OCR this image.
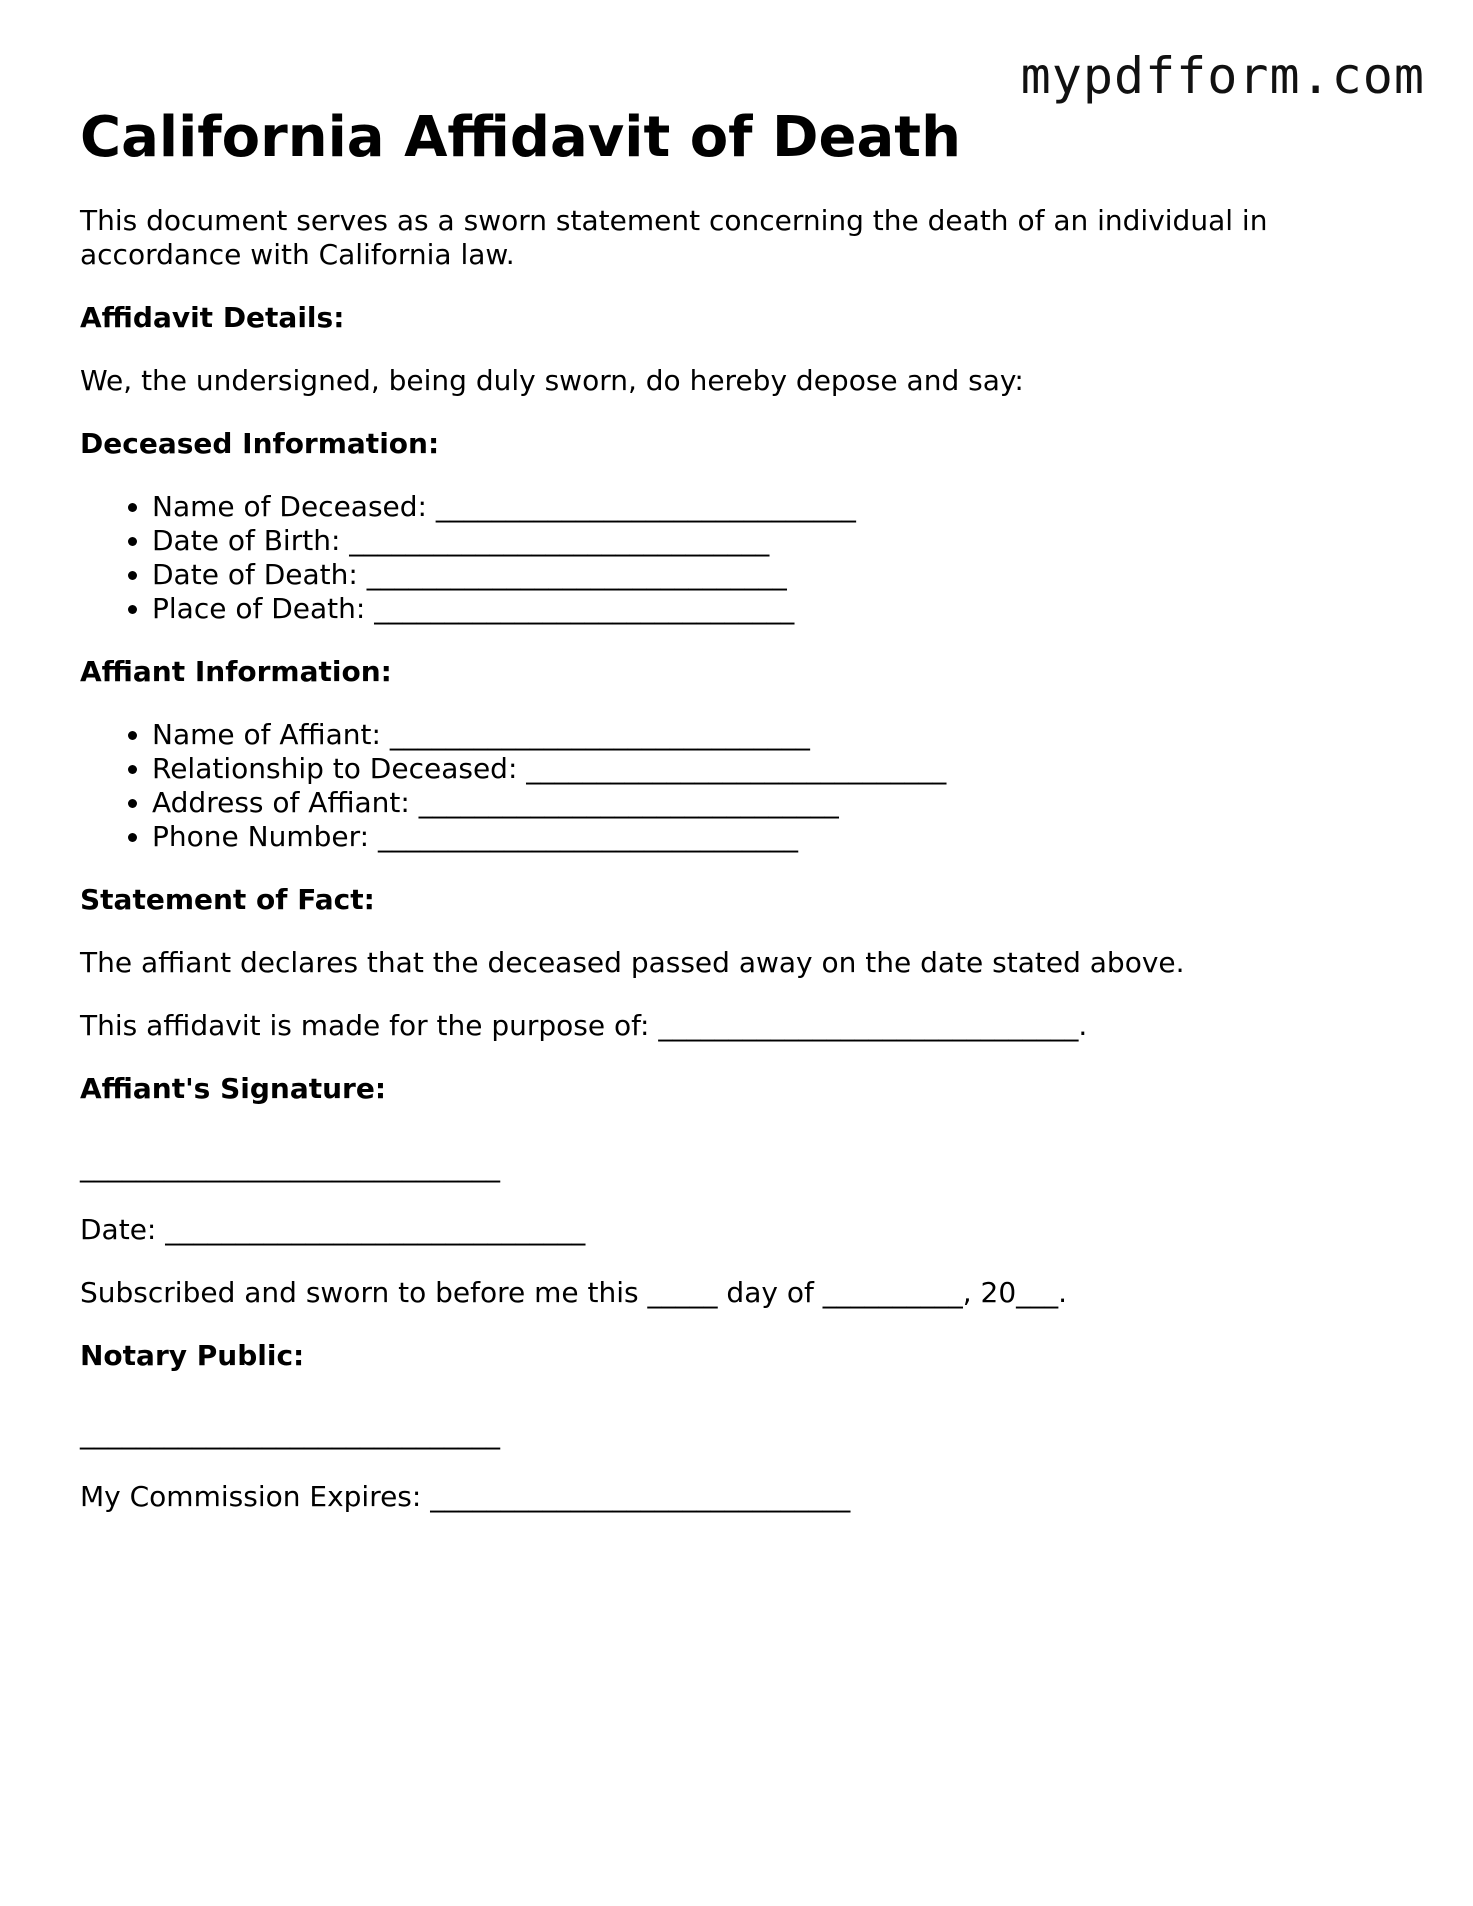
mypdfform.com
California Affidavit of Death

This document serves as a sworn statement concerning the death of an individual in accordance with California law.

Affidavit Details:

We, the undersigned, being duly sworn, do hereby depose and say:

Deceased Information:

• Name of Deceased: ______________________________
• Date of Birth: ______________________________
• Date of Death: ______________________________
• Place of Death: ______________________________

Affiant Information:

• Name of Affiant: ______________________________
• Relationship to Deceased: ______________________________
• Address of Affiant: ______________________________
• Phone Number: ______________________________

Statement of Fact:

The affiant declares that the deceased passed away on the date stated above.

This affidavit is made for the purpose of: ______________________________.

Affiant's Signature:

______________________________

Date: ______________________________

Subscribed and sworn to before me this _____ day of __________, 20___.

Notary Public:

______________________________

My Commission Expires: ______________________________
